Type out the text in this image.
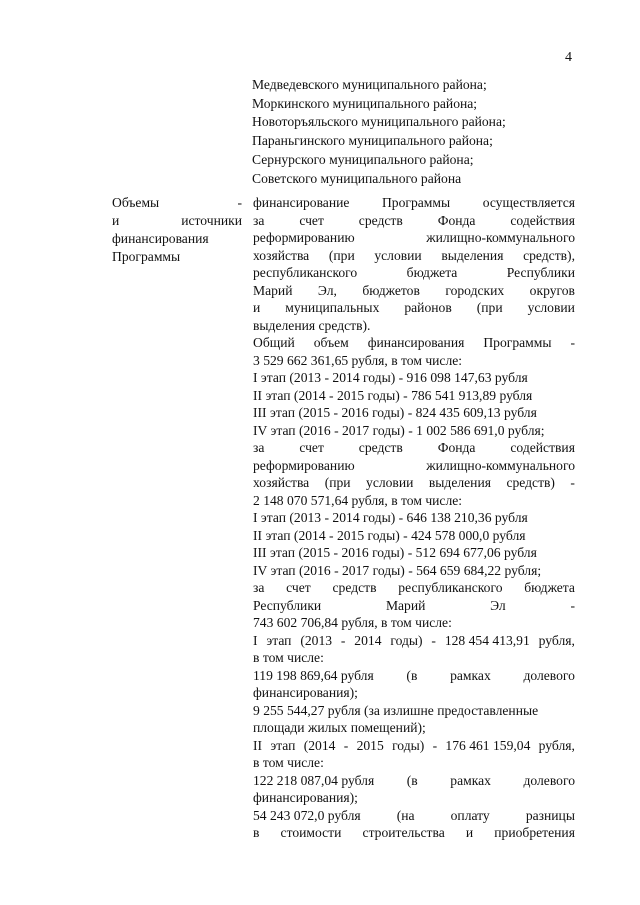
4
Медведевского муниципального района;
Моркинского муниципального района;
Новоторъяльского муниципального района;
Параньгинского муниципального района;
Сернурского муниципального района;
Советского муниципального района
Объемы	-
и	источники
финансирования
Программы
финансирование Программы осуществляется
за	счет	средств	Фонда	содействия
реформированию	жилищно-коммунального
хозяйства (при условии выделения средств),
республиканского	бюджета	Республики
Марий Эл, бюджетов городских округов
и муниципальных районов (при условии
выделения средств).
Общий объем финансирования Программы -
3 529 662 361,65 рубля, в том числе:
I этап (2013 - 2014 годы) - 916 098 147,63 рубля
II этап (2014 - 2015 годы) - 786 541 913,89 рубля
III этап (2015 - 2016 годы) - 824 435 609,13 рубля
IV этап (2016 - 2017 годы) - 1 002 586 691,0 рубля;
за	счет	средств	Фонда	содействия
реформированию	жилищно-коммунального
хозяйства (при условии выделения средств) -
2 148 070 571,64 рубля, в том числе:
I этап (2013 - 2014 годы) - 646 138 210,36 рубля
II этап (2014 - 2015 годы) - 424 578 000,0 рубля
III этап (2015 - 2016 годы) - 512 694 677,06 рубля
IV этап (2016 - 2017 годы) - 564 659 684,22 рубля;
за счет средств республиканского бюджета
Республики	Марий	Эл	-
743 602 706,84 рубля, в том числе:
I этап (2013 - 2014 годы) - 128 454 413,91 рубля,
в том числе:
119 198 869,64 рубля (в рамках долевого
финансирования);
9 255 544,27 рубля (за излишне предоставленные
площади жилых помещений);
II этап (2014 - 2015 годы) - 176 461 159,04 рубля,
в том числе:
122 218 087,04 рубля (в рамках долевого
финансирования);
54 243 072,0 рубля	(на	оплату	разницы
в стоимости строительства и приобретения
